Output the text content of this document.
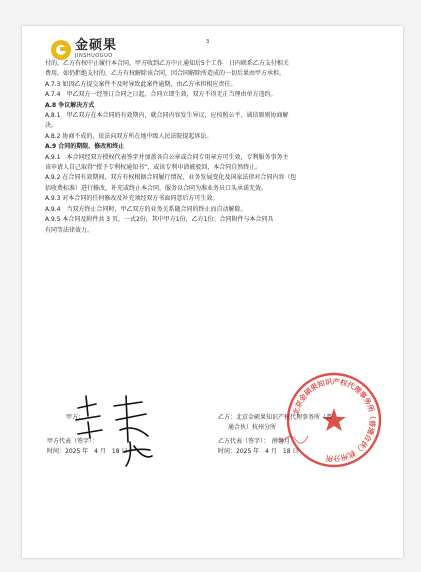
金硕果
JINSHUOGUO
3
付的，乙方有权中止履行本合同。甲方收到乙方中止通知后5个工作　日内联系乙方支付相关
费用，如仍拒绝支付的，乙方有权解除该合同，因合同解除所造成的一切后果由甲方承担。
A.7.3 如因乙方提交案件不及时导致此案件逾期，由乙方承担相应责任。
A.7.4　甲乙双方一经签订合同之日起，合同立即生效，双方不得无正当理由单方违约。
A.8 争议解决方式
A.8.1　甲乙双方在本合同的有效期内，就合同内容发生异议，应按照公平、诚信原则协商解
决。
A.8.2 协商不成的，依法向双方所在地中级人民法院提起诉讼。
A.9 合同的期限、修改和终止
A.9.1　本合同经双方授权代表签字并加盖各自公章或合同专用章方可生效，专利服务事务主
该申请人自己取得“授予专利权通知书”，或该专利申请被驳回，本合同自然终止。
A.9.2 在合同有效期间，双方有权根据合同履行情况、业务发展变化及国家法律对合同内容（包
括收费标准）进行修改，补充或终止本合同，服务以合同为准业务员口头承诺无效。
A.9.3 对本合同的任何修改及补充须经双方书面同意后方可生效。
A.9.4　当双方终止合同时，甲乙双方的业务关系随合同的终止而自动解除。
A.9.5 本合同及附件共 3 页，一式2份，其中甲方1份，乙方1份。合同附件与本合同具
有同等法律效力。
北京金硕果知识产权代理事务所（普通合伙）杭州分所
甲方：
甲方代表（签字）：
时间：2025 年　4 月　18 日
乙方：北京金硕果知识产权代理事务所（普
通合伙）杭州分所
乙方代表（签字）：　薛馨月
时间：2025 年　4 月　18 日
